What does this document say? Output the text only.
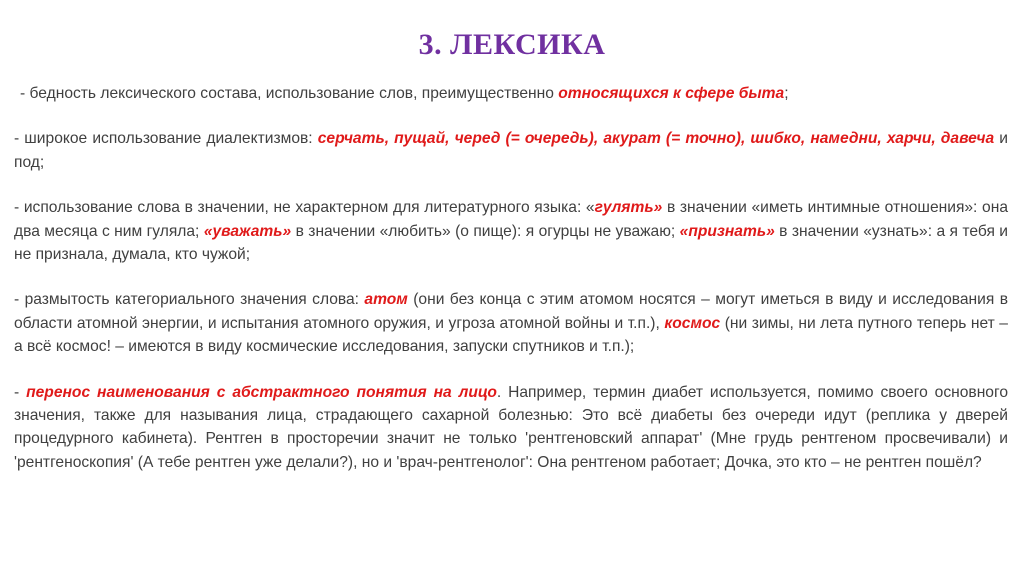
3. ЛЕКСИКА

- бедность лексического состава, использование слов, преимущественно относящихся к сфере быта;

- широкое использование диалектизмов: серчать, пущай, черед (= очередь), акурат (= точно), шибко, намедни, харчи, давеча и под;

- использование слова в значении, не характерном для литературного языка: «гулять» в значении «иметь интимные отношения»: она два месяца с ним гуляла; «уважать» в значении «любить» (о пище): я огурцы не уважаю; «признать» в значении «узнать»: а я тебя и не признала, думала, кто чужой;

- размытость категориального значения слова: атом (они без конца с этим атомом носятся – могут иметься в виду и исследования в области атомной энергии, и испытания атомного оружия, и угроза атомной войны и т.п.), космос (ни зимы, ни лета путного теперь нет – а всё космос! – имеются в виду космические исследования, запуски спутников и т.п.);

- перенос наименования с абстрактного понятия на лицо. Например, термин диабет используется, помимо своего основного значения, также для называния лица, страдающего сахарной болезнью: Это всё диабеты без очереди идут (реплика у дверей процедурного кабинета). Рентген в просторечии значит не только 'рентгеновский аппарат' (Мне грудь рентгеном просвечивали) и 'рентгеноскопия' (А тебе рентген уже делали?), но и 'врач-рентгенолог': Она рентгеном работает; Дочка, это кто – не рентген пошёл?
